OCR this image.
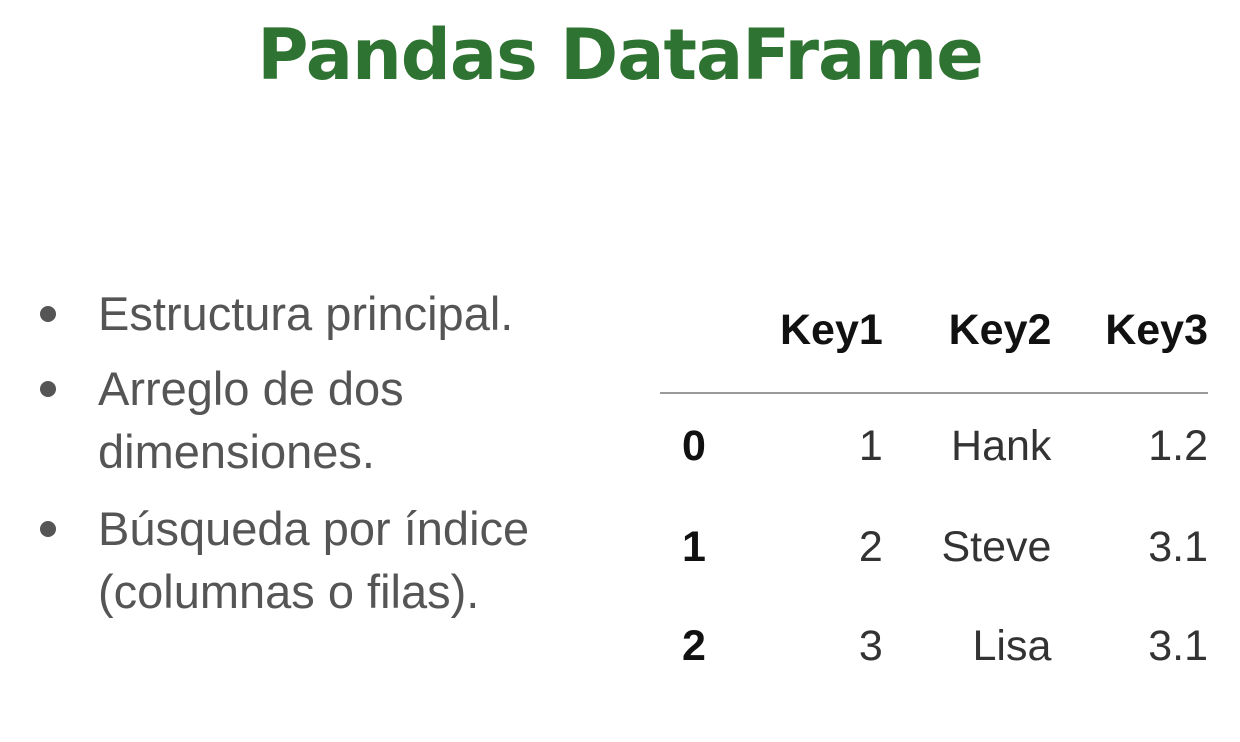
Pandas DataFrame
Estructura principal.
Arreglo de dos dimensiones.
Búsqueda por índice (columnas o filas).
	Key1	Key2	Key3
0	1	Hank	1.2
1	2	Steve	3.1
2	3	Lisa	3.1
